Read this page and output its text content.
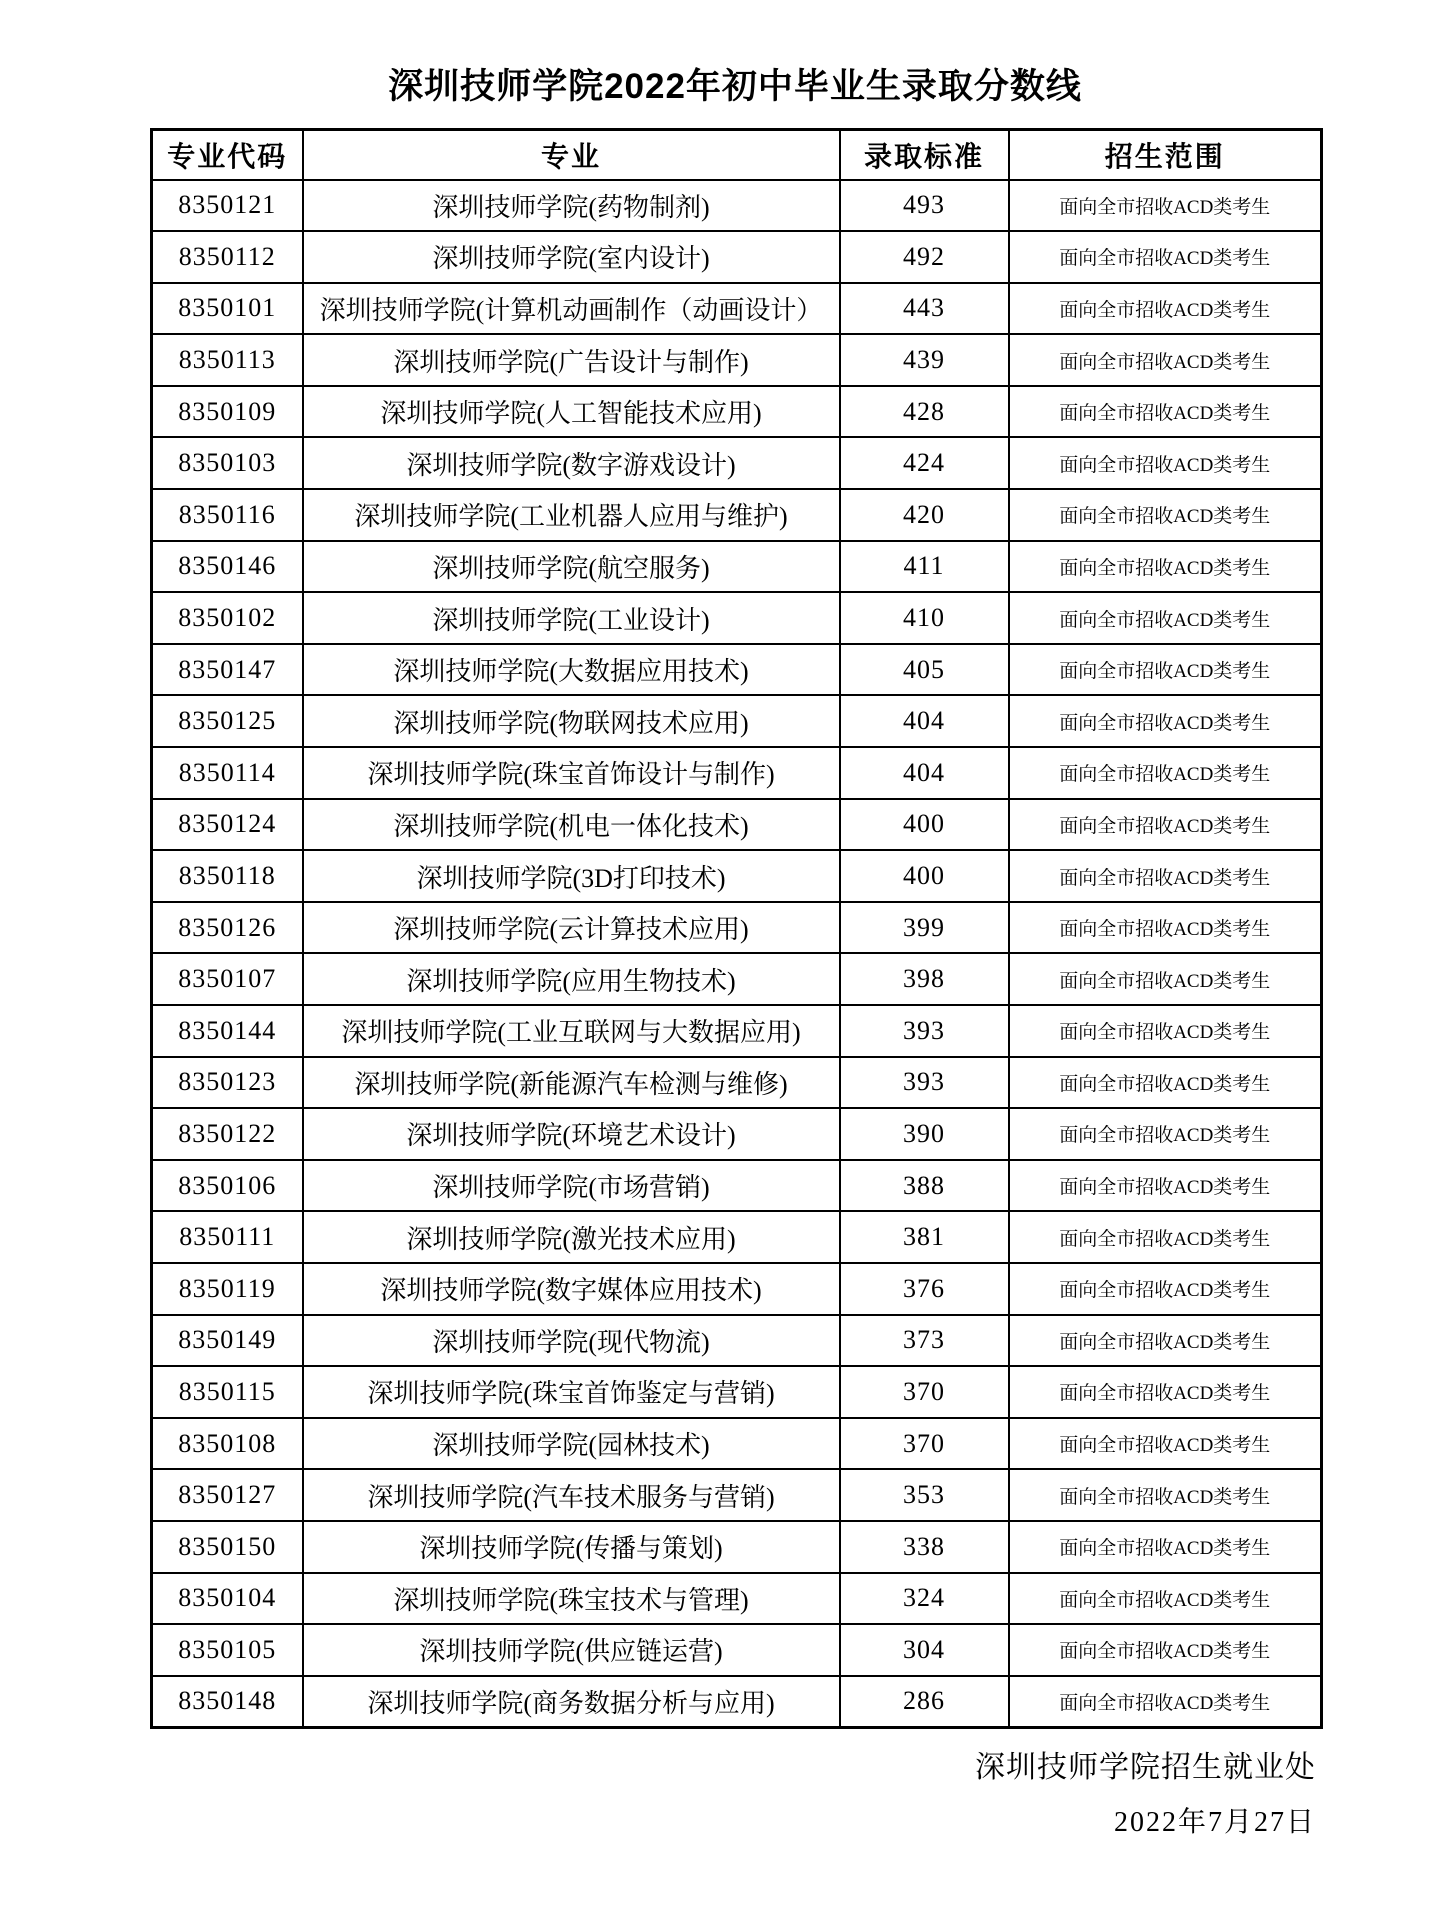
深圳技师学院2022年初中毕业生录取分数线
专业代码	专业	录取标准	招生范围
8350121	深圳技师学院(药物制剂)	493	面向全市招收ACD类考生
8350112	深圳技师学院(室内设计)	492	面向全市招收ACD类考生
8350101	深圳技师学院(计算机动画制作（动画设计）	443	面向全市招收ACD类考生
8350113	深圳技师学院(广告设计与制作)	439	面向全市招收ACD类考生
8350109	深圳技师学院(人工智能技术应用)	428	面向全市招收ACD类考生
8350103	深圳技师学院(数字游戏设计)	424	面向全市招收ACD类考生
8350116	深圳技师学院(工业机器人应用与维护)	420	面向全市招收ACD类考生
8350146	深圳技师学院(航空服务)	411	面向全市招收ACD类考生
8350102	深圳技师学院(工业设计)	410	面向全市招收ACD类考生
8350147	深圳技师学院(大数据应用技术)	405	面向全市招收ACD类考生
8350125	深圳技师学院(物联网技术应用)	404	面向全市招收ACD类考生
8350114	深圳技师学院(珠宝首饰设计与制作)	404	面向全市招收ACD类考生
8350124	深圳技师学院(机电一体化技术)	400	面向全市招收ACD类考生
8350118	深圳技师学院(3D打印技术)	400	面向全市招收ACD类考生
8350126	深圳技师学院(云计算技术应用)	399	面向全市招收ACD类考生
8350107	深圳技师学院(应用生物技术)	398	面向全市招收ACD类考生
8350144	深圳技师学院(工业互联网与大数据应用)	393	面向全市招收ACD类考生
8350123	深圳技师学院(新能源汽车检测与维修)	393	面向全市招收ACD类考生
8350122	深圳技师学院(环境艺术设计)	390	面向全市招收ACD类考生
8350106	深圳技师学院(市场营销)	388	面向全市招收ACD类考生
8350111	深圳技师学院(激光技术应用)	381	面向全市招收ACD类考生
8350119	深圳技师学院(数字媒体应用技术)	376	面向全市招收ACD类考生
8350149	深圳技师学院(现代物流)	373	面向全市招收ACD类考生
8350115	深圳技师学院(珠宝首饰鉴定与营销)	370	面向全市招收ACD类考生
8350108	深圳技师学院(园林技术)	370	面向全市招收ACD类考生
8350127	深圳技师学院(汽车技术服务与营销)	353	面向全市招收ACD类考生
8350150	深圳技师学院(传播与策划)	338	面向全市招收ACD类考生
8350104	深圳技师学院(珠宝技术与管理)	324	面向全市招收ACD类考生
8350105	深圳技师学院(供应链运营)	304	面向全市招收ACD类考生
8350148	深圳技师学院(商务数据分析与应用)	286	面向全市招收ACD类考生
深圳技师学院招生就业处
2022年7月27日
